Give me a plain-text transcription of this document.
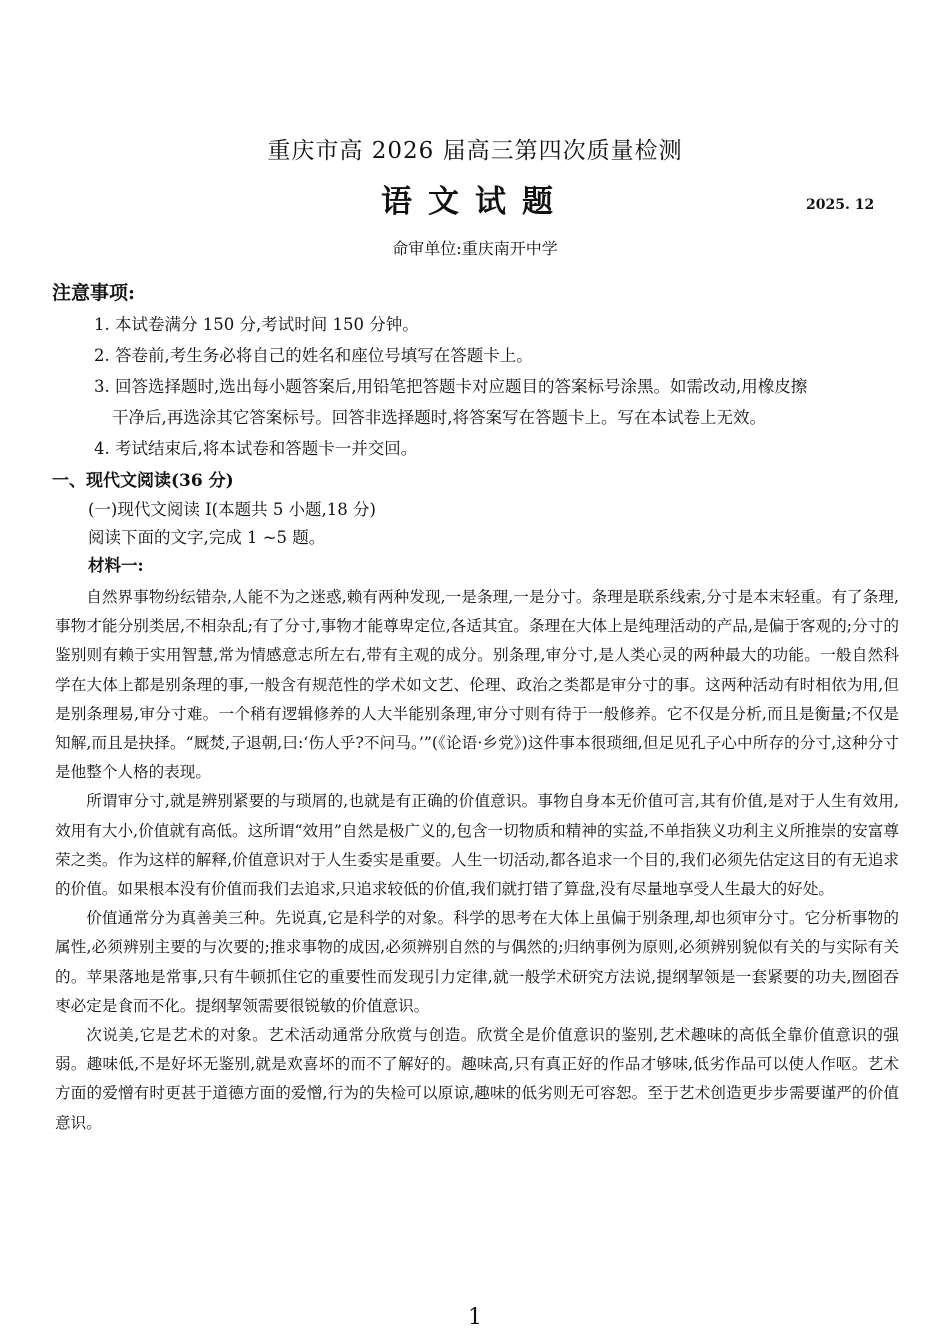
重庆市高 2026 届高三第四次质量检测
语文试题	2025. 12
命审单位:重庆南开中学
注意事项:
1. 本试卷满分 150 分,考试时间 150 分钟。
2. 答卷前,考生务必将自己的姓名和座位号填写在答题卡上。
3. 回答选择题时,选出每小题答案后,用铅笔把答题卡对应题目的答案标号涂黑。如需改动,用橡皮擦
干净后,再选涂其它答案标号。回答非选择题时,将答案写在答题卡上。写在本试卷上无效。
4. 考试结束后,将本试卷和答题卡一并交回。
一、现代文阅读(36 分)
(一)现代文阅读 I(本题共 5 小题,18 分)
阅读下面的文字,完成 1 ~5 题。
材料一:

自然界事物纷纭错杂,人能不为之迷惑,赖有两种发现,一是条理,一是分寸。条理是联系线索,分寸是本末轻重。有了条理,事物才能分别类居,不相杂乱;有了分寸,事物才能尊卑定位,各适其宜。条理在大体上是纯理活动的产品,是偏于客观的;分寸的鉴别则有赖于实用智慧,常为情感意志所左右,带有主观的成分。别条理,审分寸,是人类心灵的两种最大的功能。一般自然科学在大体上都是别条理的事,一般含有规范性的学术如文艺、伦理、政治之类都是审分寸的事。这两种活动有时相依为用,但是别条理易,审分寸难。一个稍有逻辑修养的人大半能别条理,审分寸则有待于一般修养。它不仅是分析,而且是衡量;不仅是知解,而且是抉择。“厩焚,子退朝,曰:‘伤人乎?不问马。’”(《论语·乡党》)这件事本很琐细,但足见孔子心中所存的分寸,这种分寸是他整个人格的表现。

所谓审分寸,就是辨别紧要的与琐屑的,也就是有正确的价值意识。事物自身本无价值可言,其有价值,是对于人生有效用,效用有大小,价值就有高低。这所谓“效用”自然是极广义的,包含一切物质和精神的实益,不单指狭义功利主义所推崇的安富尊荣之类。作为这样的解释,价值意识对于人生委实是重要。人生一切活动,都各追求一个目的,我们必须先估定这目的有无追求的价值。如果根本没有价值而我们去追求,只追求较低的价值,我们就打错了算盘,没有尽量地享受人生最大的好处。

价值通常分为真善美三种。先说真,它是科学的对象。科学的思考在大体上虽偏于别条理,却也须审分寸。它分析事物的属性,必须辨别主要的与次要的;推求事物的成因,必须辨别自然的与偶然的;归纳事例为原则,必须辨别貌似有关的与实际有关的。苹果落地是常事,只有牛顿抓住它的重要性而发现引力定律,就一般学术研究方法说,提纲挈领是一套紧要的功夫,囫囵吞枣必定是食而不化。提纲挈领需要很锐敏的价值意识。

次说美,它是艺术的对象。艺术活动通常分欣赏与创造。欣赏全是价值意识的鉴别,艺术趣味的高低全靠价值意识的强弱。趣味低,不是好坏无鉴别,就是欢喜坏的而不了解好的。趣味高,只有真正好的作品才够味,低劣作品可以使人作呕。艺术方面的爱憎有时更甚于道德方面的爱憎,行为的失检可以原谅,趣味的低劣则无可容恕。至于艺术创造更步步需要谨严的价值意识。

1
